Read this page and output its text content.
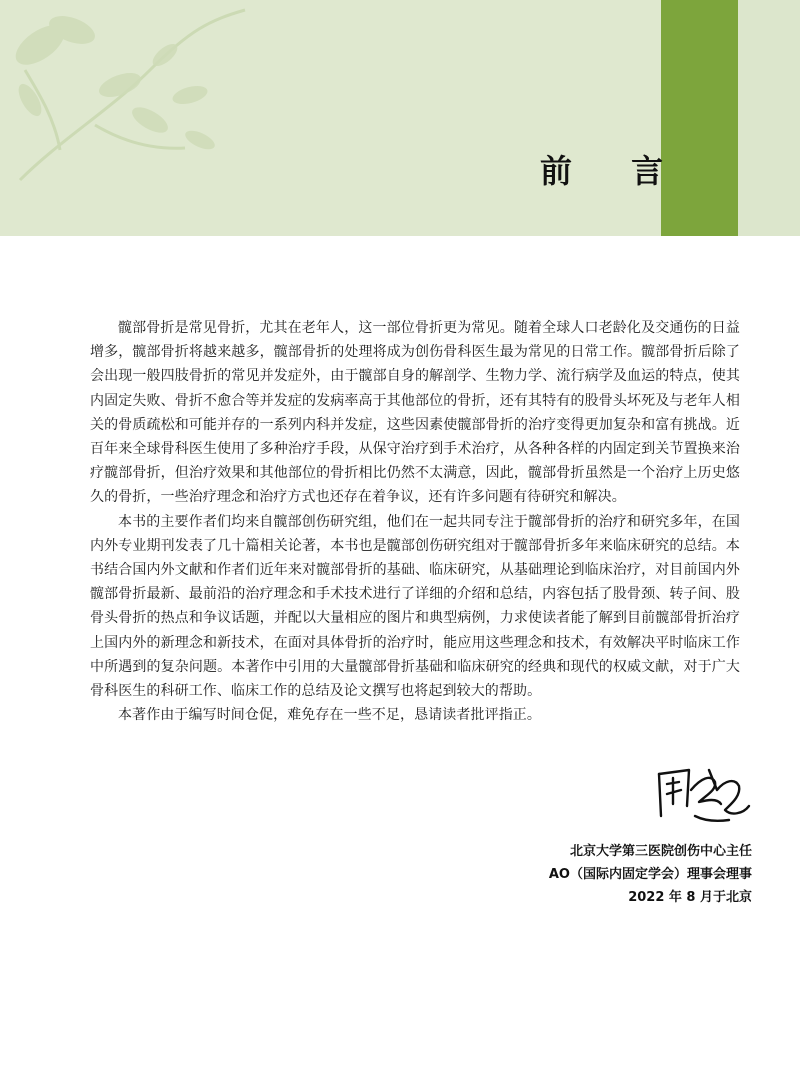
前 言

髋部骨折是常见骨折，尤其在老年人，这一部位骨折更为常见。随着全球人口老龄化及交通伤的日益增多，髋部骨折将越来越多，髋部骨折的处理将成为创伤骨科医生最为常见的日常工作。髋部骨折后除了会出现一般四肢骨折的常见并发症外，由于髋部自身的解剖学、生物力学、流行病学及血运的特点，使其内固定失败、骨折不愈合等并发症的发病率高于其他部位的骨折，还有其特有的股骨头坏死及与老年人相关的骨质疏松和可能并存的一系列内科并发症，这些因素使髋部骨折的治疗变得更加复杂和富有挑战。近百年来全球骨科医生使用了多种治疗手段，从保守治疗到手术治疗，从各种各样的内固定到关节置换来治疗髋部骨折，但治疗效果和其他部位的骨折相比仍然不太满意，因此，髋部骨折虽然是一个治疗上历史悠久的骨折，一些治疗理念和治疗方式也还存在着争议，还有许多问题有待研究和解决。

本书的主要作者们均来自髋部创伤研究组，他们在一起共同专注于髋部骨折的治疗和研究多年，在国内外专业期刊发表了几十篇相关论著，本书也是髋部创伤研究组对于髋部骨折多年来临床研究的总结。本书结合国内外文献和作者们近年来对髋部骨折的基础、临床研究，从基础理论到临床治疗，对目前国内外髋部骨折最新、最前沿的治疗理念和手术技术进行了详细的介绍和总结，内容包括了股骨颈、转子间、股骨头骨折的热点和争议话题，并配以大量相应的图片和典型病例，力求使读者能了解到目前髋部骨折治疗上国内外的新理念和新技术，在面对具体骨折的治疗时，能应用这些理念和技术，有效解决平时临床工作中所遇到的复杂问题。本著作中引用的大量髋部骨折基础和临床研究的经典和现代的权威文献，对于广大骨科医生的科研工作、临床工作的总结及论文撰写也将起到较大的帮助。

本著作由于编写时间仓促，难免存在一些不足，恳请读者批评指正。

北京大学第三医院创伤中心主任
AO（国际内固定学会）理事会理事
2022 年 8 月于北京
